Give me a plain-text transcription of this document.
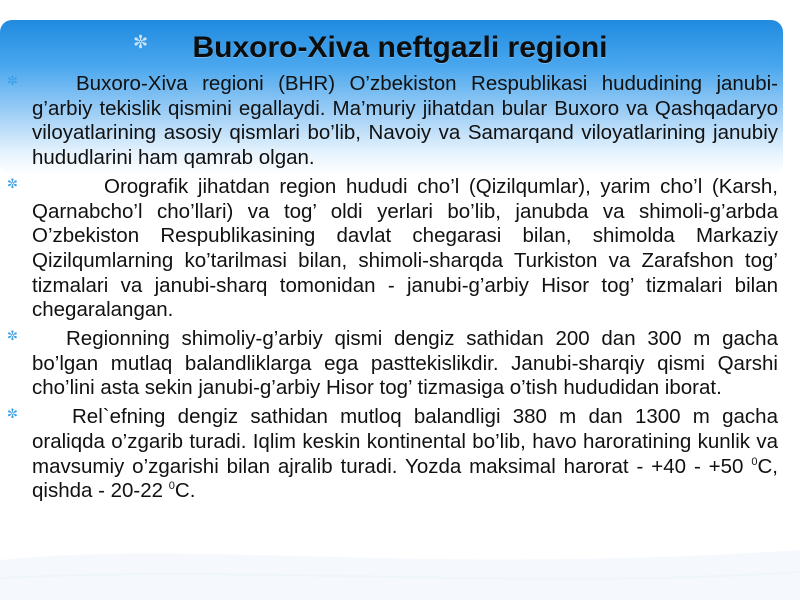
✼	Buxoro-Xiva neftgazli regioni

✼	Buxoro-Xiva regioni (BHR) O’zbekiston Respublikasi hududining janubi-g’arbiy tekislik qismini egallaydi. Ma’muriy jihatdan bular Buxoro va Qashqadaryo viloyatlarining asosiy qismlari bo’lib, Navoiy va Samarqand viloyatlarining janubiy hududlarini ham qamrab olgan.

✼	Orografik jihatdan region hududi cho’l (Qizilqumlar), yarim cho’l (Karsh, Qarnabcho’l cho’llari) va tog’ oldi yerlari bo’lib, janubda va shimoli-g’arbda O’zbekiston Respublikasining davlat chegarasi bilan, shimolda Markaziy Qizilqumlarning ko’tarilmasi bilan, shimoli-sharqda Turkiston va Zarafshon tog’ tizmalari va janubi-sharq tomonidan - janubi-g’arbiy Hisor tog’ tizmalari bilan chegaralangan.

✼ Regionning shimoliy-g’arbiy qismi dengiz sathidan 200 dan 300 m gacha bo’lgan mutlaq balandliklarga ega pasttekislikdir. Janubi-sharqiy qismi Qarshi cho’lini asta sekin janubi-g’arbiy Hisor tog’ tizmasiga o’tish hududidan iborat.

✼	Rel`efning dengiz sathidan mutloq balandligi 380 m dan 1300 m gacha oraliqda o’zgarib turadi. Iqlim keskin kontinental bo’lib, havo haroratining kunlik va mavsumiy o’zgarishi bilan ajralib turadi. Yozda maksimal harorat - +40 - +50 $^0$C, qishda - 20-22 $^0$C.
